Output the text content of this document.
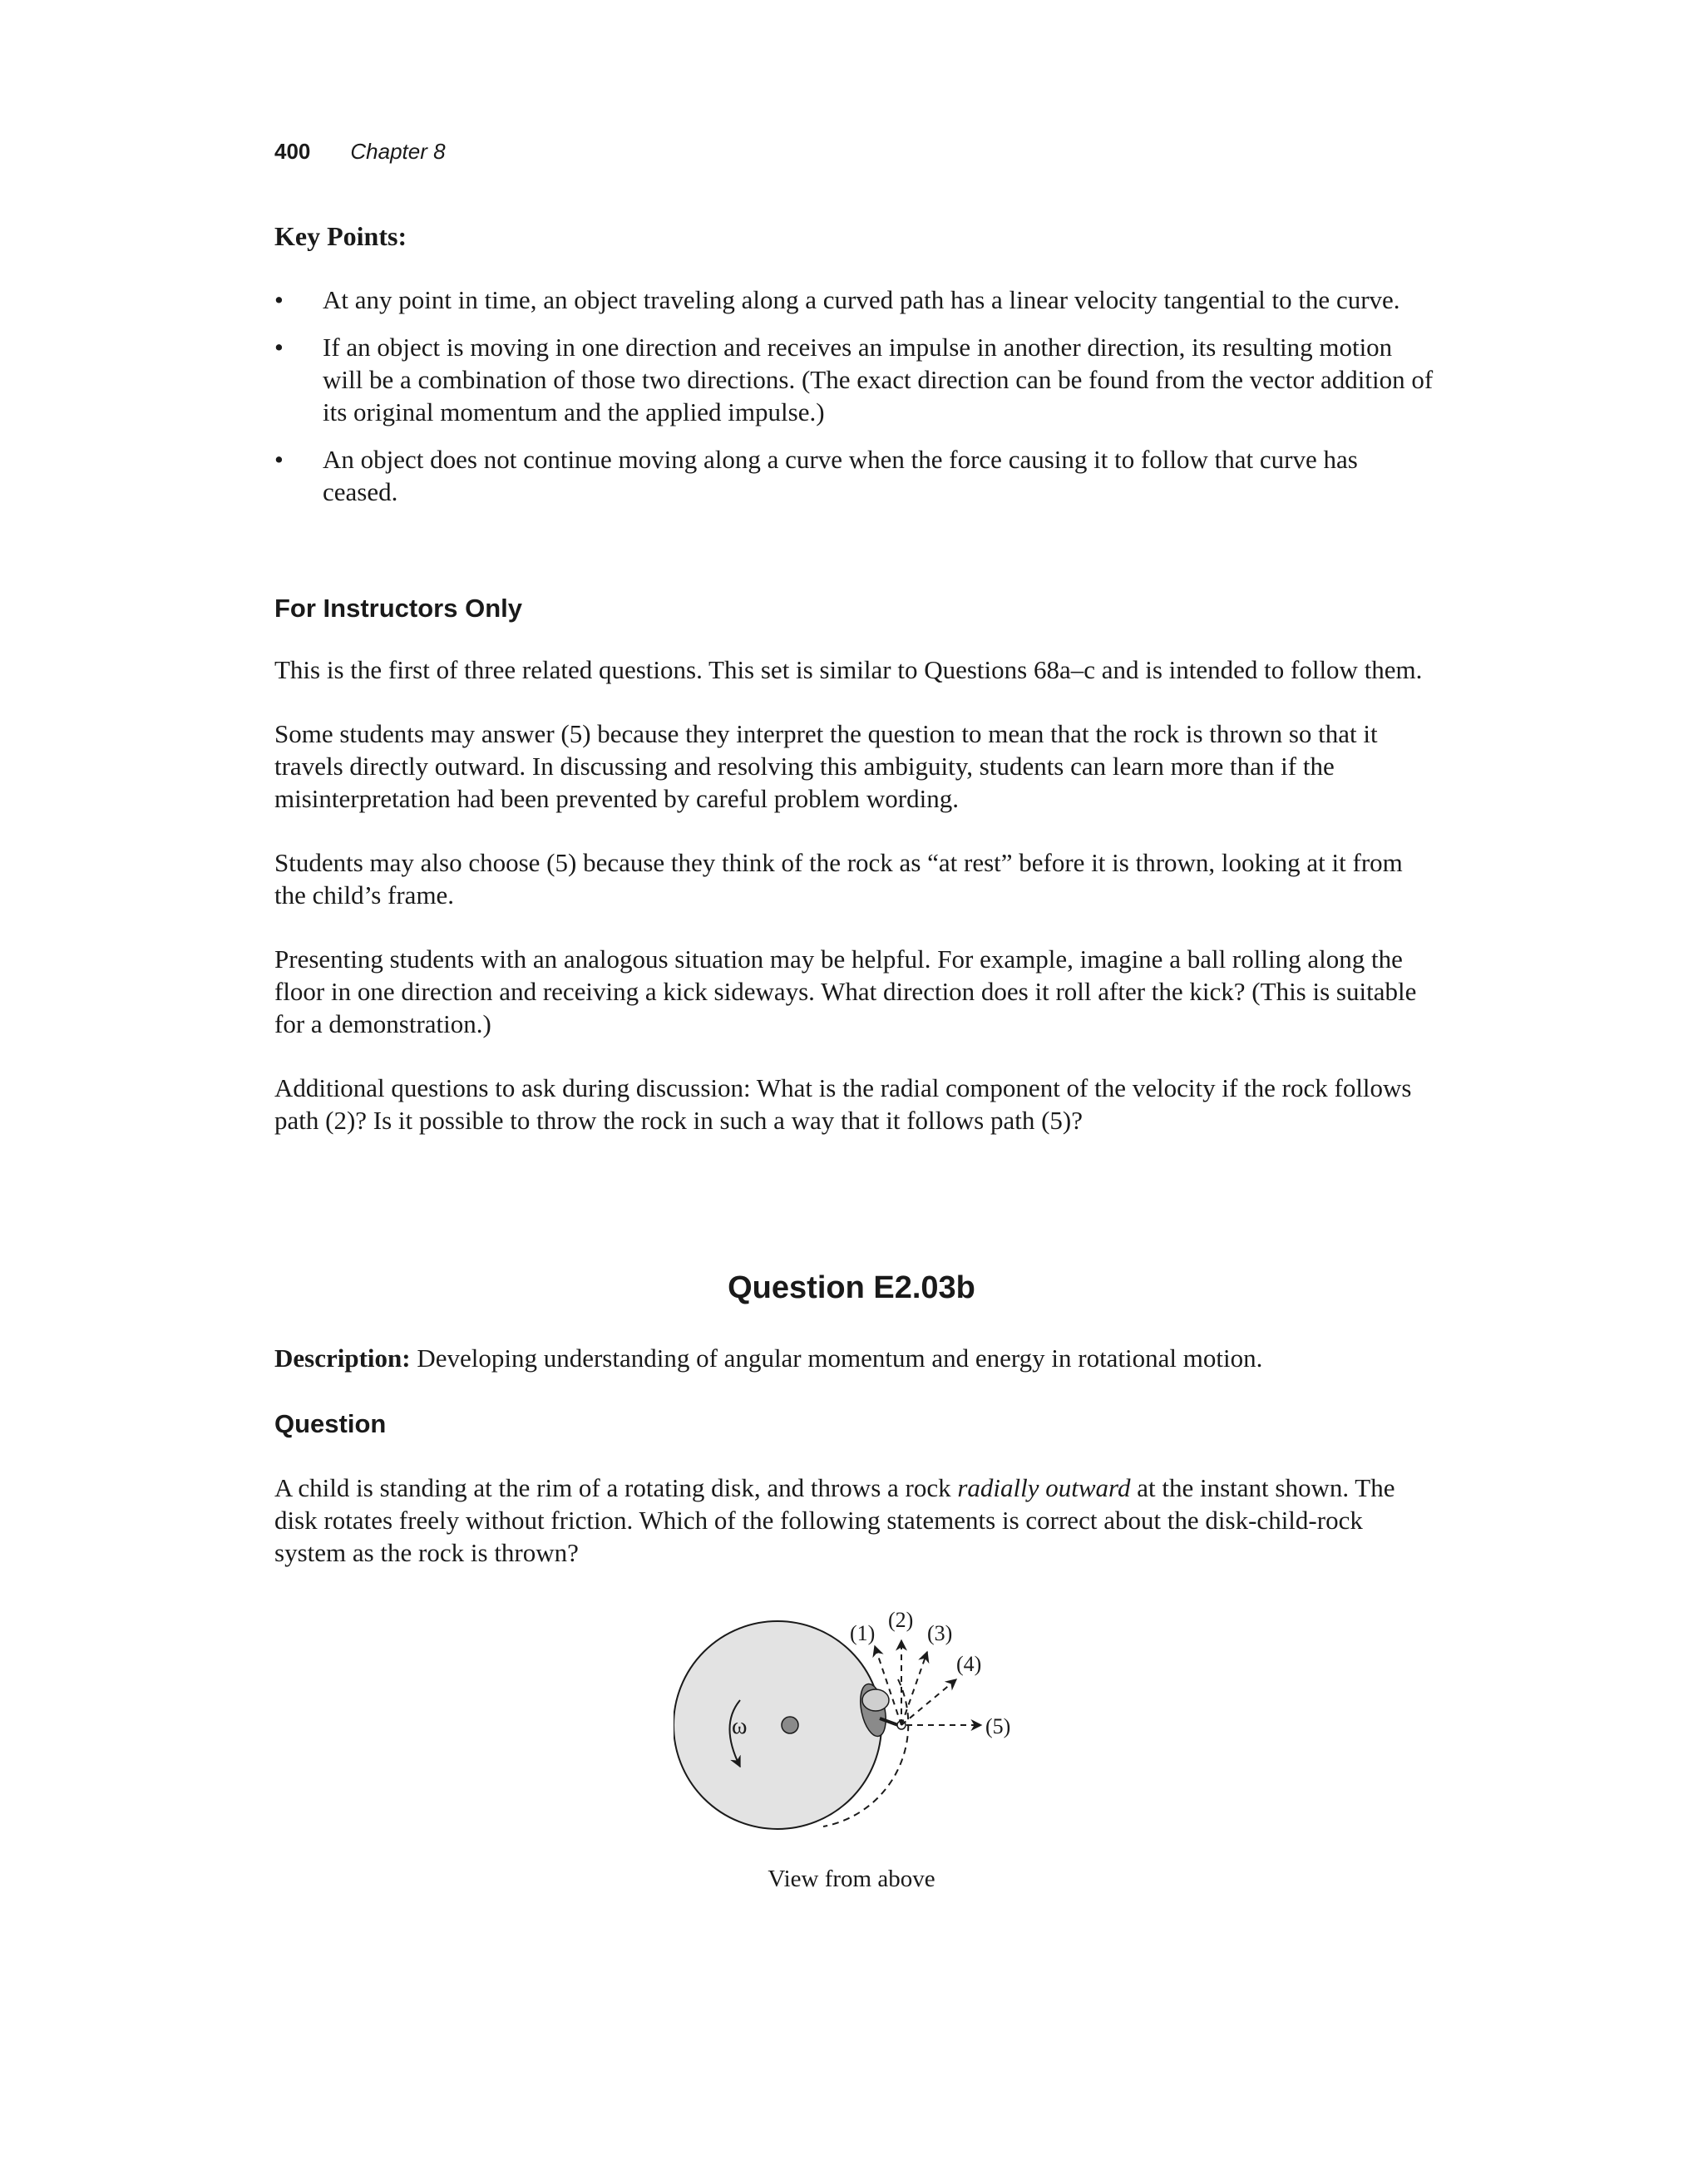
400 Chapter 8
Key Points:
• At any point in time, an object traveling along a curved path has a linear velocity tangential to the curve.
• If an object is moving in one direction and receives an impulse in another direction, its resulting motion will be a combination of those two directions. (The exact direction can be found from the vector addition of its original momentum and the applied impulse.)
• An object does not continue moving along a curve when the force causing it to follow that curve has ceased.
For Instructors Only

This is the first of three related questions. This set is similar to Questions 68a–c and is intended to follow them.

Some students may answer (5) because they interpret the question to mean that the rock is thrown so that it travels directly outward. In discussing and resolving this ambiguity, students can learn more than if the misinterpretation had been prevented by careful problem wording.

Students may also choose (5) because they think of the rock as “at rest” before it is thrown, looking at it from the child’s frame.

Presenting students with an analogous situation may be helpful. For example, imagine a ball rolling along the floor in one direction and receiving a kick sideways. What direction does it roll after the kick? (This is suitable for a demonstration.)

Additional questions to ask during discussion: What is the radial component of the velocity if the rock follows path (2)? Is it possible to throw the rock in such a way that it follows path (5)?

Question E2.03b
Description: Developing understanding of angular momentum and energy in rotational motion.
Question
A child is standing at the rim of a rotating disk, and throws a rock radially outward at the instant shown. The disk rotates freely without friction. Which of the following statements is correct about the disk-child-rock system as the rock is thrown?
ω
(1)
(2)
(3)
(4)
(5)
View from above
